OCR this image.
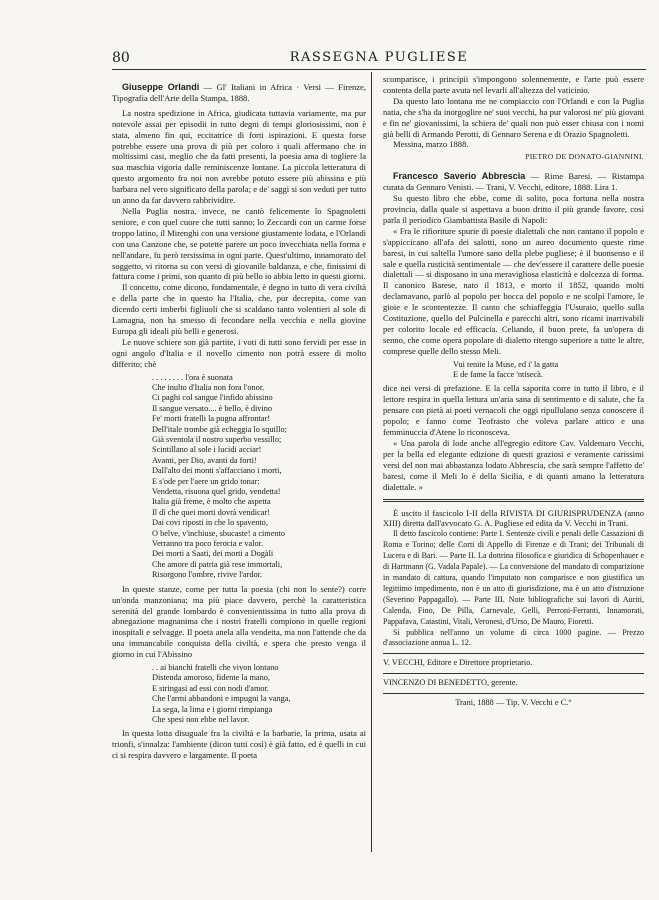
80	RASSEGNA PUGLIESE

Giuseppe Orlandi — Gl' Italiani in Africa · Versi — Firenze, Tipografia dell'Arte della Stampa, 1888.

La nostra spedizione in Africa, giudicata tuttavia variamente, ma pur notevole assai per episodii in tutto degni di tempi gloriosissimi, non è stata, almeno fin qui, eccitatrice di forti ispirazioni. E questa forse potrebbe essere una prova di più per coloro i quali affermano che in moltissimi casi, meglio che da fatti presenti, la poesia ama di togliere la sua maschia vigoria dalle reminiscenze lontane. La piccola letteratura di questo argomento fra noi non avrebbe potuto essere più abissina e più barbara nel vero significato della parola; e de' saggi si son veduti per tutto un anno da far davvero rabbrividire.

Nella Puglia nostra, invece, ne cantò felicemente lo Spagnoletti seniore, e con quel cuore che tutti sanno; lo Zeccardi con un carme forse troppo latino, il Mirenghi con una versione giustamente lodata, e l'Orlandi con una Canzone che, se potette parere un poco invecchiata nella forma e nell'andare, fu però tersissima in ogni parte. Quest'ultimo, innamorato del soggetto, vi ritorna su con versi di giovanile baldanza, e che, finissimi di fattura come i primi, son quanto di più bello io abbia letto in questi giorni.

Il concetto, come dicono, fondamentale, è degno in tutto di vera civiltà e della parte che in questo ha l'Italia, che, pur decrepita, come van dicendo certi imberbi figliuoli che si scaldano tanto volentieri al sole di Lamagna, non ha smesso di fecondare nella vecchia e nella giovine Europa gli ideali più belli e generosi.

Le nuove schiere son già partite, i voti di tutti sono fervidi per esse in ogni angolo d'Italia e il novello cimento non potrà essere di molto differito; chè

. . . . . . . . l'ora è suonata
Che inulto d'Italia non fora l'onor.
Ci paghi col sangue l'infido abissino
Il sangue versato.... è bello, è divino
Fe' morti fratelli la pugna affrontar!
Dell'itale trombe già echeggia lo squillo;
Già sventola il nostro superbo vessillo;
Scintillano al sole i lucidi acciar!
Avanti, per Dio, avanti da forti!
Dall'alto dei monti s'affacciano i morti,
E s'ode per l'aere un grido tonar:
Vendetta, risuona quel grido, vendetta!
Italia già freme, è molto che aspetta
Il dì che quei morti dovrà vendicar!
Dai covi riposti in che lo spavento,
O belve, v'inchiuse, sbucaste! a cimento
Verranno tra poco ferocia e valor.
Dei morti a Saati, dei morti a Dogàli
Che amore di patria già rese immortali,
Risorgono l'ombre, rivive l'ardor.

In queste stanze, come per tutta la poesia (chi non lo sente?) corre un'onda manzoniana; ma più piace davvero, perchè la caratteristica serenità del grande lombardo è convenientissima in tutto alla prova di abnegazione magnanima che i nostri fratelli compiono in quelle regioni inospitali e selvagge. Il poeta anela alla vendetta, ma non l'attende che da una immancabile conquista della civiltà, e spera che presto venga il giorno in cui l'Abissino

. . ai bianchi fratelli che vivon lontano
Distenda amoroso, fidente la mano,
E stringasi ad essi con nodi d'amor.
Che l'armi abbandoni e impugni la vanga,
La sega, la lima e i giorni rimpianga
Che spesi non ebbe nel lavor.

In questa lotta disuguale fra la civiltà e la barbarie, la prima, usata ai trionfi, s'innalza: l'ambiente (dicon tutti così) è già fatto, ed è quelli in cui ci si respira davvero e largamente. Il poeta

scomparisce, i principii s'impongono solennemente, e l'arte può essere contenta della parte avuta nel levarli all'altezza del vaticinio.

Da questo lato lontana me ne compiaccio con l'Orlandi e con la Puglia natia, che s'ha da inorgoglire ne' suoi vecchi, ha pur valorosi ne' più giovani e fin ne' giovanissimi, la schiera de' quali non può esser chiusa con i nomi già belli di Armando Perotti, di Gennaro Serena e di Orazio Spagnoletti.

Messina, marzo 1888.

PIETRO DE DONATO-GIANNINI.

Francesco Saverio Abbrescia — Rime Baresi. — Ristampa curata da Gennaro Venisti. — Trani, V. Vecchi, editore, 1888. Lira 1.

Su questo libro che ebbe, come di solito, poca fortuna nella nostra provincia, dalla quale si aspettava a buon dritto il più grande favore, così parla il periodico Giambattista Basile di Napoli:

« Fra le rifioriture spurie di poesie dialettali che non cantano il popolo e s'appiccicano all'afa dei salotti, sono un aureo documento queste rime baresi, in cui saltella l'umore sano della plebe pugliese; è il buonsenso e il sale e quella rusticità sentimentale — che dev'essere il carattere delle poesie dialettali — si disposano in una meravigliosa elasticità e dolcezza di forma. Il canonico Barese, nato il 1813, e morto il 1852, quando molti declamavano, parlò al popolo per bocca del popolo e ne scolpì l'amore, le gioie e le scontentezze. Il canto che schiaffeggia l'Usuraio, quello sulla Costituzione, quello del Pulcinella e parecchi altri, sono ricami inarrivabili per colorito locale ed efficacia. Celiando, il buon prete, fa un'opera di senno, che come opera popolare di dialetto ritengo superiore a tutte le altre, comprese quelle dello stesso Meli.

Vui tenite la Muse, ed i' la gatta
E de fame la facce 'ntisecà.

dice nei versi di prefazione. E la cella saporita corre in tutto il libro, e il lettore respira in quella lettura un'aria sana di sentimento e di salute, che fa pensare con pietà ai poeti vernacoli che oggi ripullulano senza conoscere il popolo; e fanno come Teofrasto che voleva parlare attico e una femminuccia d'Atene lo riconosceva.

« Una parola di lode anche all'egregio editore Cav. Valdemaro Vecchi, per la bella ed elegante edizione di questi graziosi e veramente carissimi versi del non mai abbastanza lodato Abbrescia, che sarà sempre l'affetto de' baresi, come il Meli lo è della Sicilia, e di quanti amano la letteratura dialettale. »

È uscito il fascicolo I-II della RIVISTA DI GIURISPRUDENZA (anno XIII) diretta dall'avvocato G. A. Pugliese ed edita da V. Vecchi in Trani.

Il detto fascicolo contiene: Parte I. Sentenze civili e penali delle Cassazioni di Roma e Torino; delle Corti di Appello di Firenze e di Trani; dei Tribunali di Lucera e di Bari. — Parte II. La dottrina filosofica e giuridica di Schopenhauer e di Hartmann (G. Vadala Papale). — La conversione del mandato di comparizione in mandato di cattura, quando l'imputato non comparisce e non giustifica un legittimo impedimento, non è un atto di giurisdizione, ma è un atto d'istruzione (Severino Pappagallo). — Parte III. Note bibliografiche sui lavori di Auriti, Calenda, Fino, De Pilla, Carnevale, Gelli, Perroni-Ferranti, Innamorati, Pappafava, Catastini, Vitali, Veronesi, d'Urso, De Mauro, Fioretti.

Si pubblica nell'anno un volume di circa 1000 pagine. — Prezzo d'associazione annua L. 12.

V. VECCHI, Editore e Direttore proprietario.

VINCENZO DI BENEDETTO, gerente.

Trani, 1888 — Tip. V. Vecchi e C.°
